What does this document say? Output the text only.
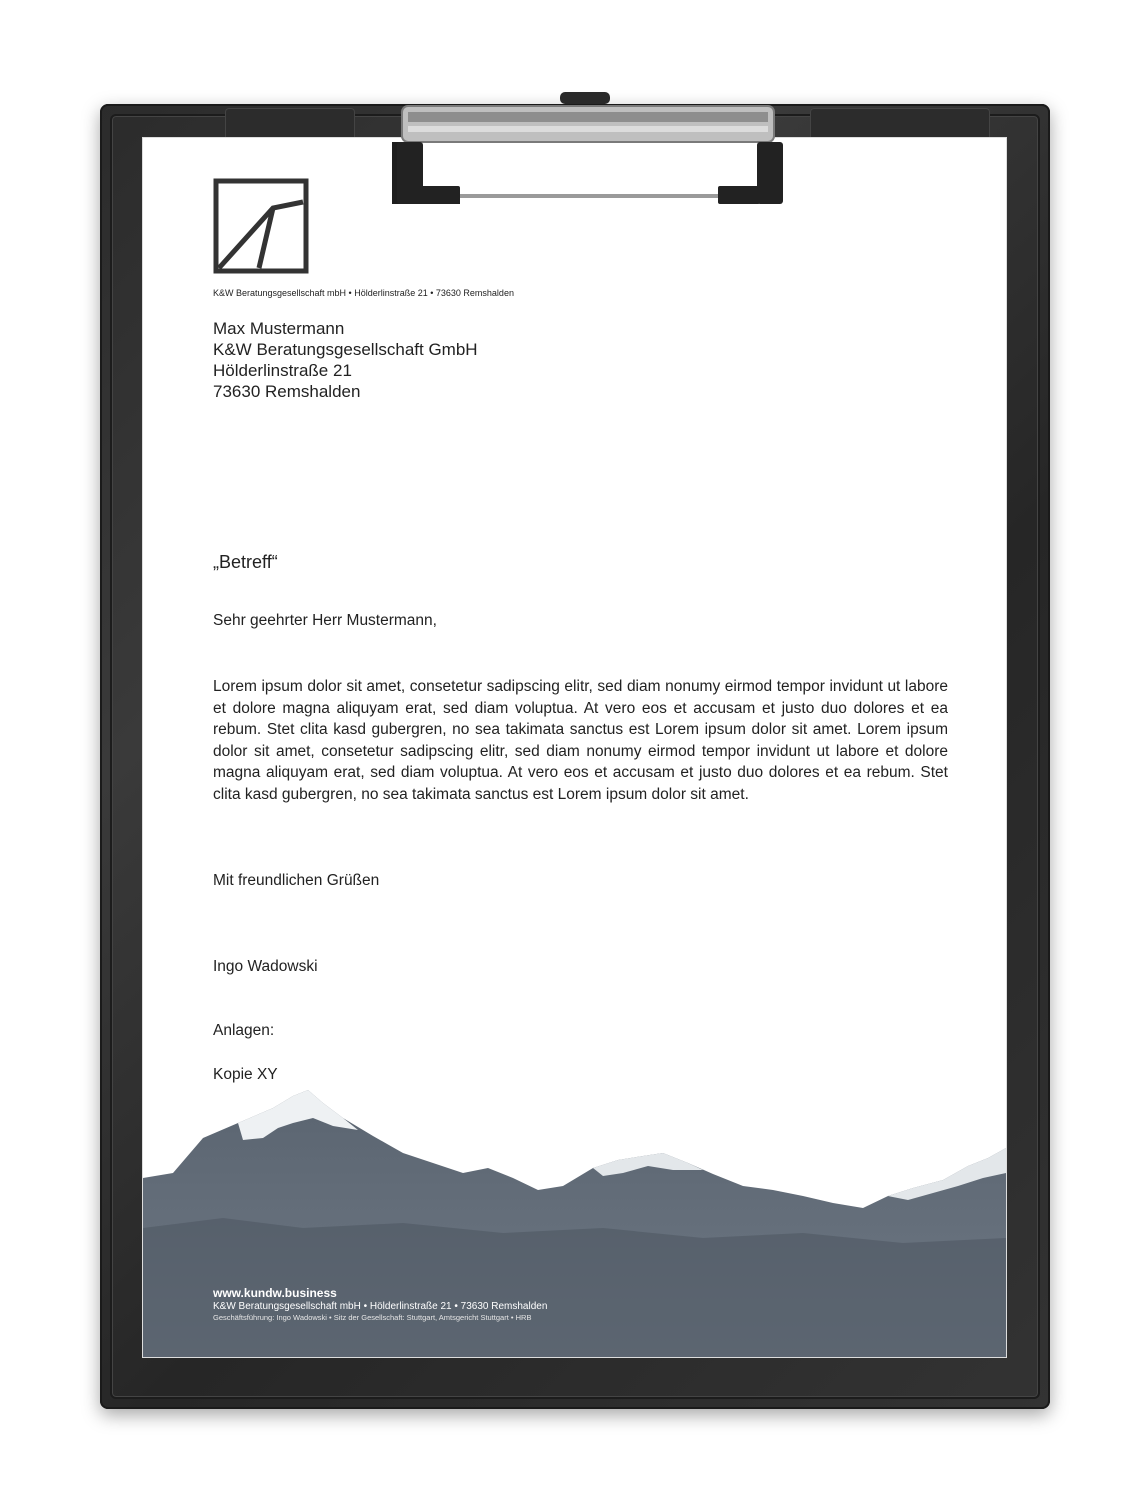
K&W Beratungsgesellschaft mbH • Hölderlinstraße 21 • 73630 Remshalden
Max Mustermann
K&W Beratungsgesellschaft GmbH
Hölderlinstraße 21
73630 Remshalden
„Betreff“
Sehr geehrter Herr Mustermann,
Lorem ipsum dolor sit amet, consetetur sadipscing elitr, sed diam nonumy eirmod tempor invidunt ut labore et dolore magna aliquyam erat, sed diam voluptua. At vero eos et accusam et justo duo dolores et ea rebum. Stet clita kasd gubergren, no sea takimata sanctus est Lorem ipsum dolor sit amet. Lorem ipsum dolor sit amet, consetetur sadipscing elitr, sed diam nonumy eirmod tempor invidunt ut labore et dolore magna aliquyam erat, sed diam voluptua. At vero eos et accusam et justo duo dolores et ea rebum. Stet clita kasd gubergren, no sea takimata sanctus est Lorem ipsum dolor sit amet.
Mit freundlichen Grüßen
Ingo Wadowski
Anlagen:
Kopie XY
www.kundw.business
K&W Beratungsgesellschaft mbH • Hölderlinstraße 21 • 73630 Remshalden
Geschäftsführung: Ingo Wadowski • Sitz der Gesellschaft: Stuttgart, Amtsgericht Stuttgart • HRB
